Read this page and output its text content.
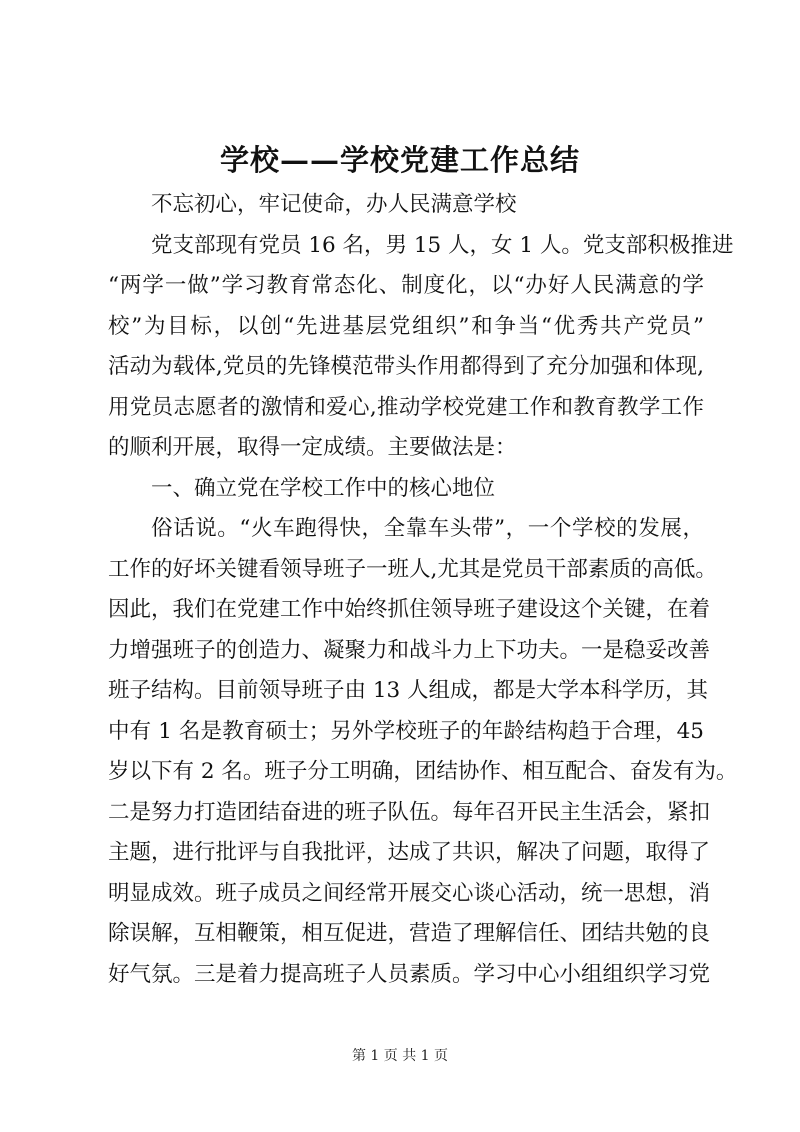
学校——学校党建工作总结
不忘初心，牢记使命，办人民满意学校
党支部现有党员 16 名，男 15 人，女 1 人。党支部积极推进
“两学一做”学习教育常态化、制度化，以“办好人民满意的学
校”为目标，以创“先进基层党组织”和争当“优秀共产党员”
活动为载体,党员的先锋模范带头作用都得到了充分加强和体现,
用党员志愿者的激情和爱心,推动学校党建工作和教育教学工作
的顺利开展，取得一定成绩。主要做法是：
一、确立党在学校工作中的核心地位
俗话说。“火车跑得快，全靠车头带”，一个学校的发展，
工作的好坏关键看领导班子一班人,尤其是党员干部素质的高低。
因此，我们在党建工作中始终抓住领导班子建设这个关键，在着
力增强班子的创造力、凝聚力和战斗力上下功夫。一是稳妥改善
班子结构。目前领导班子由 13 人组成，都是大学本科学历，其
中有 1 名是教育硕士；另外学校班子的年龄结构趋于合理，45
岁以下有 2 名。班子分工明确，团结协作、相互配合、奋发有为。
二是努力打造团结奋进的班子队伍。每年召开民主生活会，紧扣
主题，进行批评与自我批评，达成了共识，解决了问题，取得了
明显成效。班子成员之间经常开展交心谈心活动，统一思想，消
除误解，互相鞭策，相互促进，营造了理解信任、团结共勉的良
好气氛。三是着力提高班子人员素质。学习中心小组组织学习党
第 1 页 共 1 页
